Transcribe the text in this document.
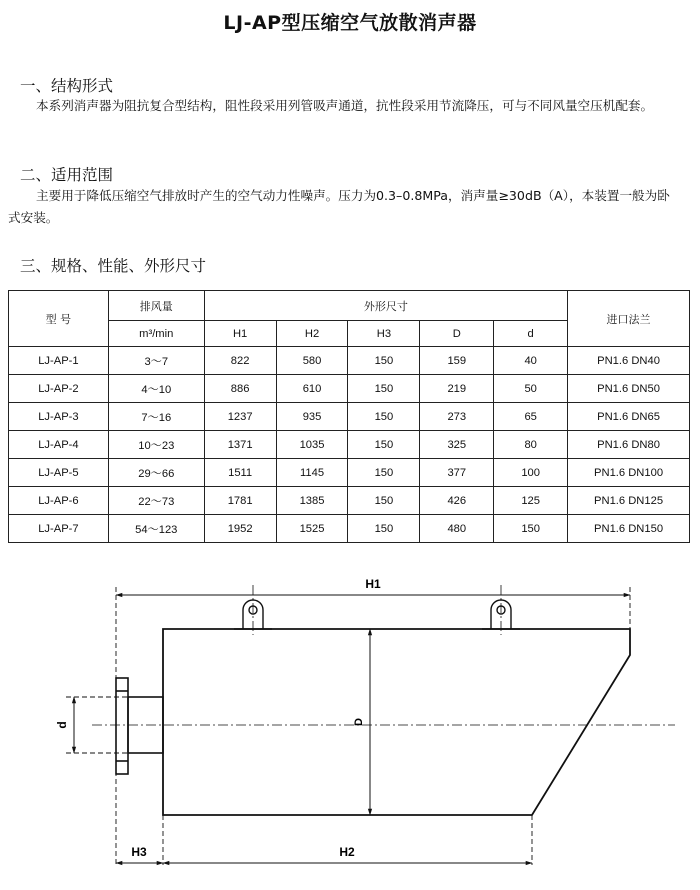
LJ-AP型压缩空气放散消声器
一、结构形式
本系列消声器为阻抗复合型结构，阻性段采用列管吸声通道，抗性段采用节流降压，可与不同风量空压机配套。
二、适用范围
主要用于降低压缩空气排放时产生的空气动力性噪声。压力为0.3–0.8MPa，消声量≥30dB（A），本装置一般为卧式安装。
三、规格、性能、外形尺寸
型 号	排风量	外形尺寸					进口法兰
	m³/min	H1	H2	H3	D	d	
LJ-AP-1	3～7	822	580	150	159	40	PN1.6 DN40
LJ-AP-2	4～10	886	610	150	219	50	PN1.6 DN50
LJ-AP-3	7～16	1237	935	150	273	65	PN1.6 DN65
LJ-AP-4	10～23	1371	1035	150	325	80	PN1.6 DN80
LJ-AP-5	29～66	1511	1145	150	377	100	PN1.6 DN100
LJ-AP-6	22～73	1781	1385	150	426	125	PN1.6 DN125
LJ-AP-7	54～123	1952	1525	150	480	150	PN1.6 DN150
H1
D
d
H3	H2
